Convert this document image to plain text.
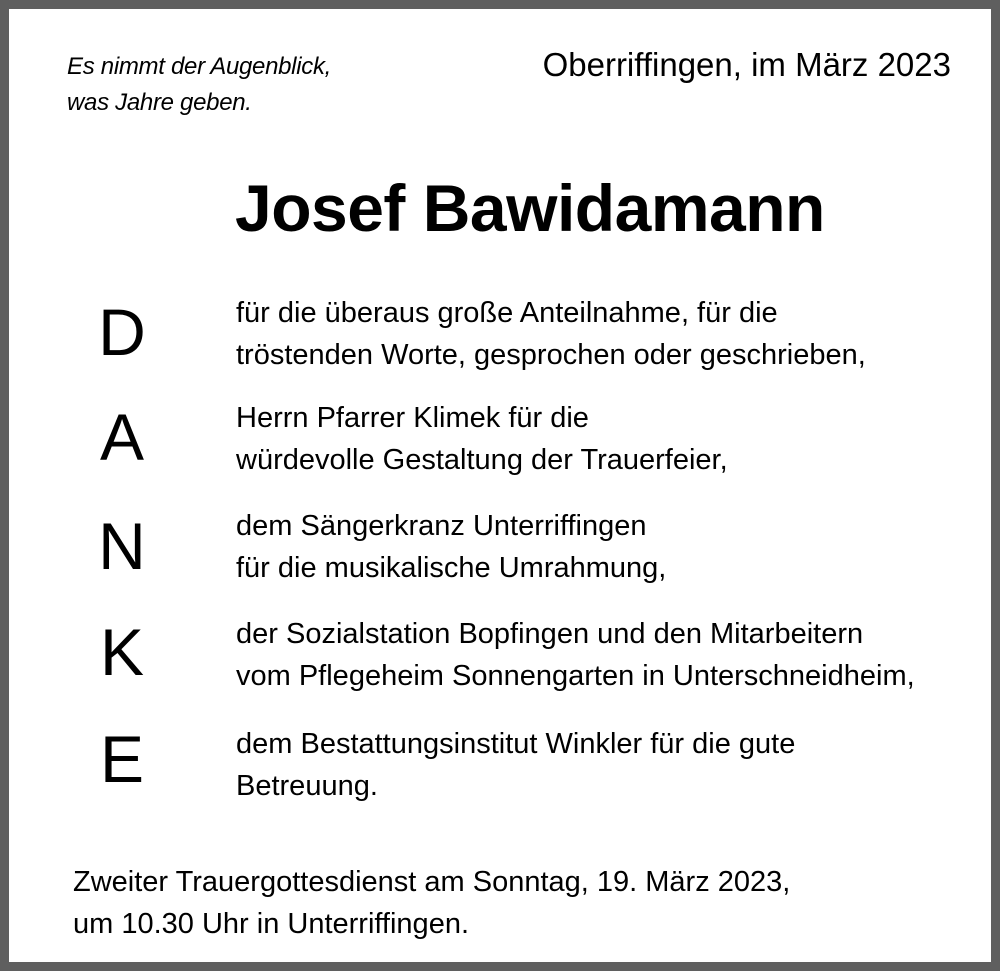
Es nimmt der Augenblick,
was Jahre geben.
Oberriffingen, im März 2023
Josef Bawidamann
D
A
N
K
E
für die überaus große Anteilnahme, für die
tröstenden Worte, gesprochen oder geschrieben,
Herrn Pfarrer Klimek für die
würdevolle Gestaltung der Trauerfeier,
dem Sängerkranz Unterriffingen
für die musikalische Umrahmung,
der Sozialstation Bopfingen und den Mitarbeitern
vom Pflegeheim Sonnengarten in Unterschneidheim,
dem Bestattungsinstitut Winkler für die gute
Betreuung.
Zweiter Trauergottesdienst am Sonntag, 19. März 2023,
um 10.30 Uhr in Unterriffingen.
